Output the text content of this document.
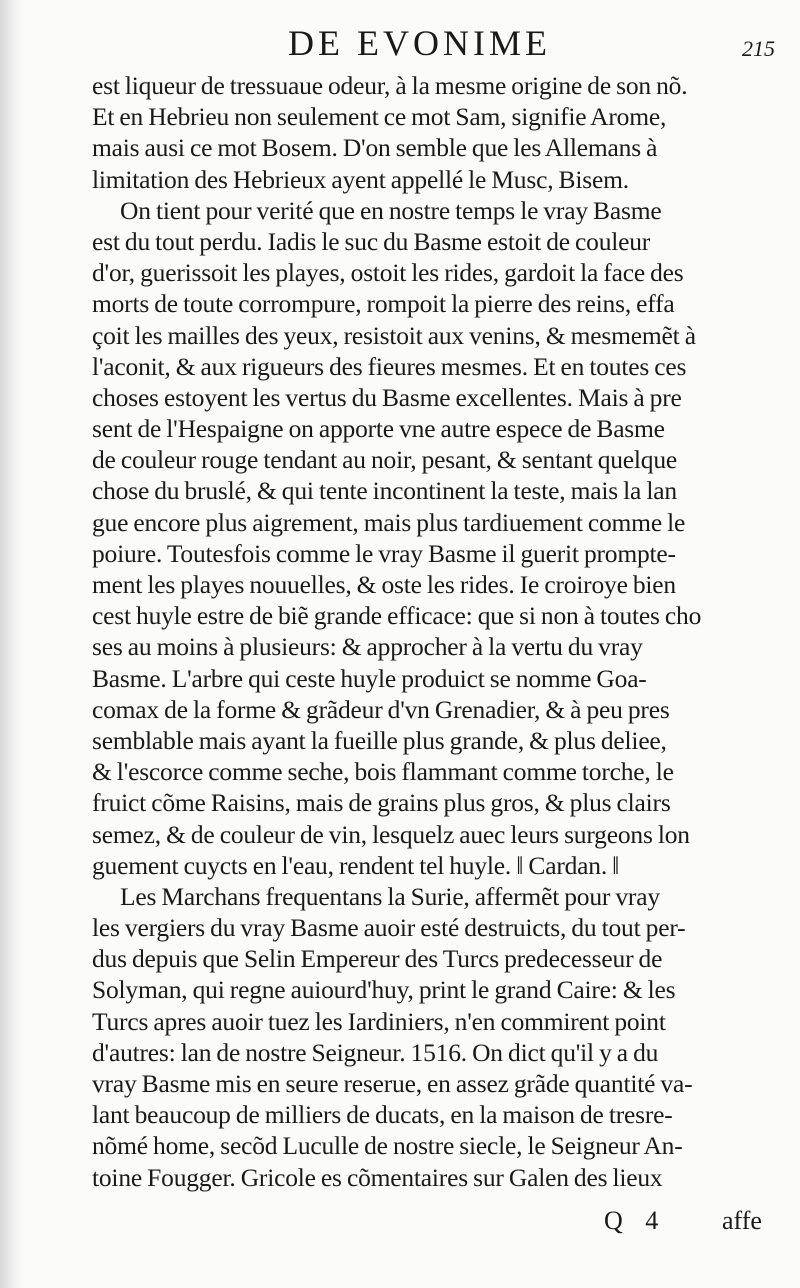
DE EVONIME	215
est liqueur de tressuaue odeur, à la mesme origine de son nõ.
Et en Hebrieu non seulement ce mot Sam, signifie Arome,
mais ausi ce mot Bosem. D'on semble que les Allemans à
limitation des Hebrieux ayent appellé le Musc, Bisem.
On tient pour verité que en nostre temps le vray Basme
est du tout perdu. Iadis le suc du Basme estoit de couleur
d'or, guerissoit les playes, ostoit les rides, gardoit la face des
morts de toute corrompure, rompoit la pierre des reins, effa
çoit les mailles des yeux, resistoit aux venins, & mesmemẽt à
l'aconit, & aux rigueurs des fieures mesmes. Et en toutes ces
choses estoyent les vertus du Basme excellentes. Mais à pre
sent de l'Hespaigne on apporte vne autre espece de Basme
de couleur rouge tendant au noir, pesant, & sentant quelque
chose du bruslé, & qui tente incontinent la teste, mais la lan
gue encore plus aigrement, mais plus tardiuement comme le
poiure. Toutesfois comme le vray Basme il guerit prompte-
ment les playes nouuelles, & oste les rides. Ie croiroye bien
cest huyle estre de biẽ grande efficace: que si non à toutes cho
ses au moins à plusieurs: & approcher à la vertu du vray
Basme. L'arbre qui ceste huyle produict se nomme Goa-
comax de la forme & grãdeur d'vn Grenadier, & à peu pres
semblable mais ayant la fueille plus grande, & plus deliee,
& l'escorce comme seche, bois flammant comme torche, le
fruict cõme Raisins, mais de grains plus gros, & plus clairs
semez, & de couleur de vin, lesquelz auec leurs surgeons lon
guement cuycts en l'eau, rendent tel huyle. ‖ Cardan. ‖
Les Marchans frequentans la Surie, affermẽt pour vray
les vergiers du vray Basme auoir esté destruicts, du tout per-
dus depuis que Selin Empereur des Turcs predecesseur de
Solyman, qui regne auiourd'huy, print le grand Caire: & les
Turcs apres auoir tuez les Iardiniers, n'en commirent point
d'autres: lan de nostre Seigneur. 1516. On dict qu'il y a du
vray Basme mis en seure reserue, en assez grãde quantité va-
lant beaucoup de milliers de ducats, en la maison de tresre-
nõmé home, secõd Luculle de nostre siecle, le Seigneur An-
toine Fougger. Gricole es cõmentaires sur Galen des lieux
Q 4 affe
